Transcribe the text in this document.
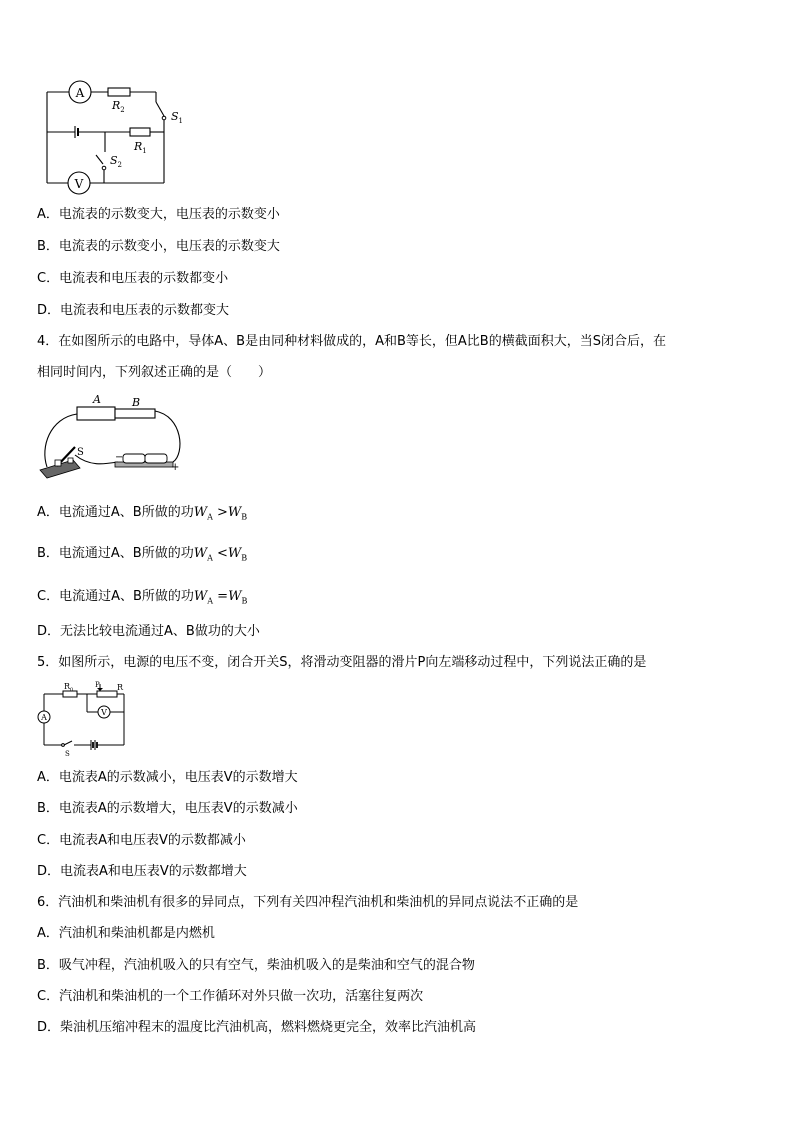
A
V
$R_2$
$R_1$
$S_1$
$S_2$
A．电流表的示数变大，电压表的示数变小
B．电流表的示数变小，电压表的示数变大
C．电流表和电压表的示数都变小
D．电流表和电压表的示数都变大
4．在如图所示的电路中，导体A、B是由同种材料做成的，A和B等长，但A比B的横截面积大，当S闭合后，在
相同时间内，下列叙述正确的是（　　）
A	B
S	−
+
A．电流通过A、B所做的功$W_A >W_B$
B．电流通过A、B所做的功$W_A <W_B$
C．电流通过A、B所做的功$W_A =W_B$
D．无法比较电流通过A、B做功的大小
5．如图所示，电源的电压不变，闭合开关S，将滑动变阻器的滑片P向左端移动过程中，下列说法正确的是
$R_0$
P R
A
V
S
A．电流表A的示数减小，电压表V的示数增大
B．电流表A的示数增大，电压表V的示数减小
C．电流表A和电压表V的示数都减小
D．电流表A和电压表V的示数都增大
6．汽油机和柴油机有很多的异同点，下列有关四冲程汽油机和柴油机的异同点说法不正确的是
A．汽油机和柴油机都是内燃机
B．吸气冲程，汽油机吸入的只有空气，柴油机吸入的是柴油和空气的混合物
C．汽油机和柴油机的一个工作循环对外只做一次功，活塞往复两次
D．柴油机压缩冲程末的温度比汽油机高，燃料燃烧更完全，效率比汽油机高
